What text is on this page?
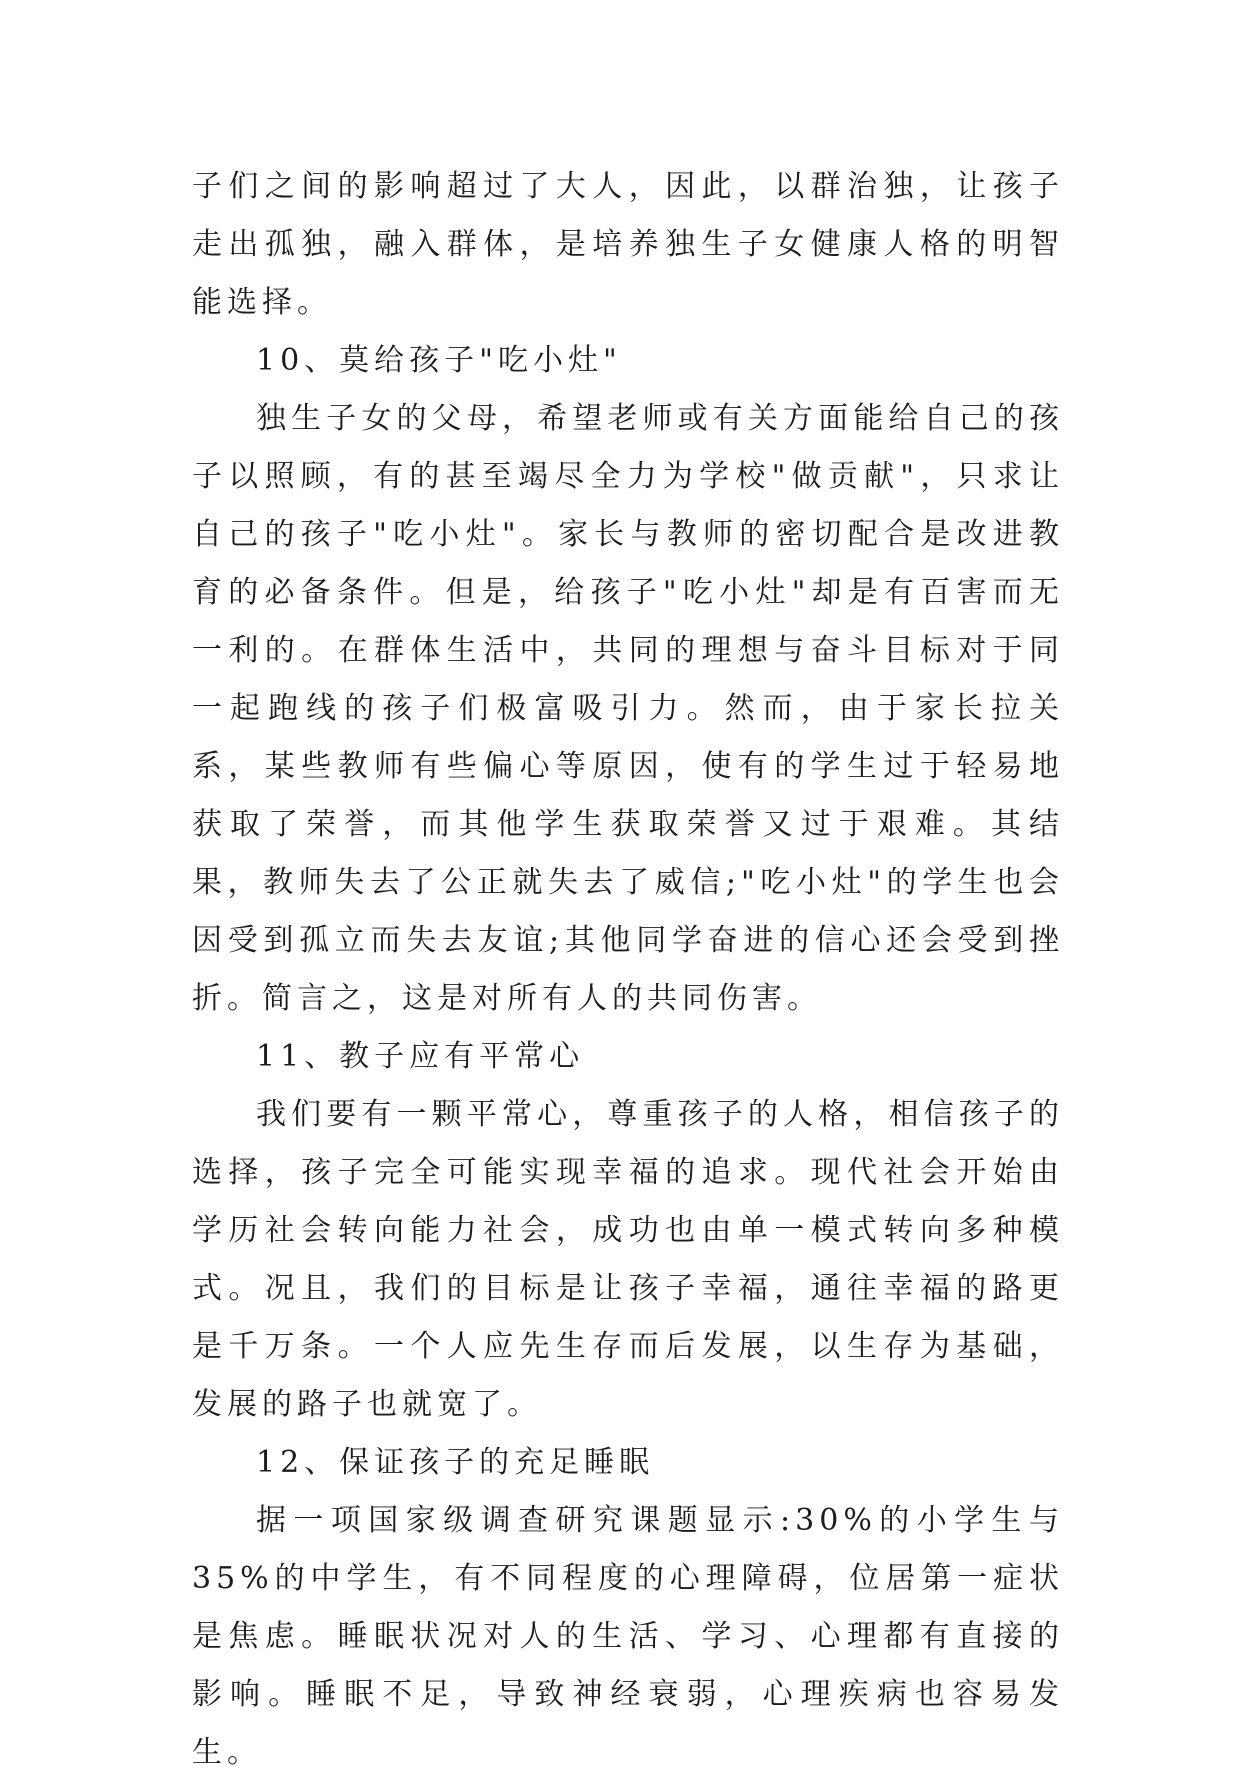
子们之间的影响超过了大人，因此，以群治独，让孩子走出孤独，融入群体，是培养独生子女健康人格的明智能选择。

10、莫给孩子"吃小灶"

独生子女的父母，希望老师或有关方面能给自己的孩子以照顾，有的甚至竭尽全力为学校"做贡献"，只求让自己的孩子"吃小灶"。家长与教师的密切配合是改进教育的必备条件。但是，给孩子"吃小灶"却是有百害而无一利的。在群体生活中，共同的理想与奋斗目标对于同一起跑线的孩子们极富吸引力。然而，由于家长拉关系，某些教师有些偏心等原因，使有的学生过于轻易地获取了荣誉，而其他学生获取荣誉又过于艰难。其结果，教师失去了公正就失去了威信;"吃小灶"的学生也会因受到孤立而失去友谊;其他同学奋进的信心还会受到挫折。简言之，这是对所有人的共同伤害。

11、教子应有平常心

我们要有一颗平常心，尊重孩子的人格，相信孩子的选择，孩子完全可能实现幸福的追求。现代社会开始由学历社会转向能力社会，成功也由单一模式转向多种模式。况且，我们的目标是让孩子幸福，通往幸福的路更是千万条。一个人应先生存而后发展，以生存为基础，发展的路子也就宽了。

12、保证孩子的充足睡眠

据一项国家级调查研究课题显示:30%的小学生与35%的中学生，有不同程度的心理障碍，位居第一症状是焦虑。睡眠状况对人的生活、学习、心理都有直接的影响。睡眠不足，导致神经衰弱，心理疾病也容易发生。
